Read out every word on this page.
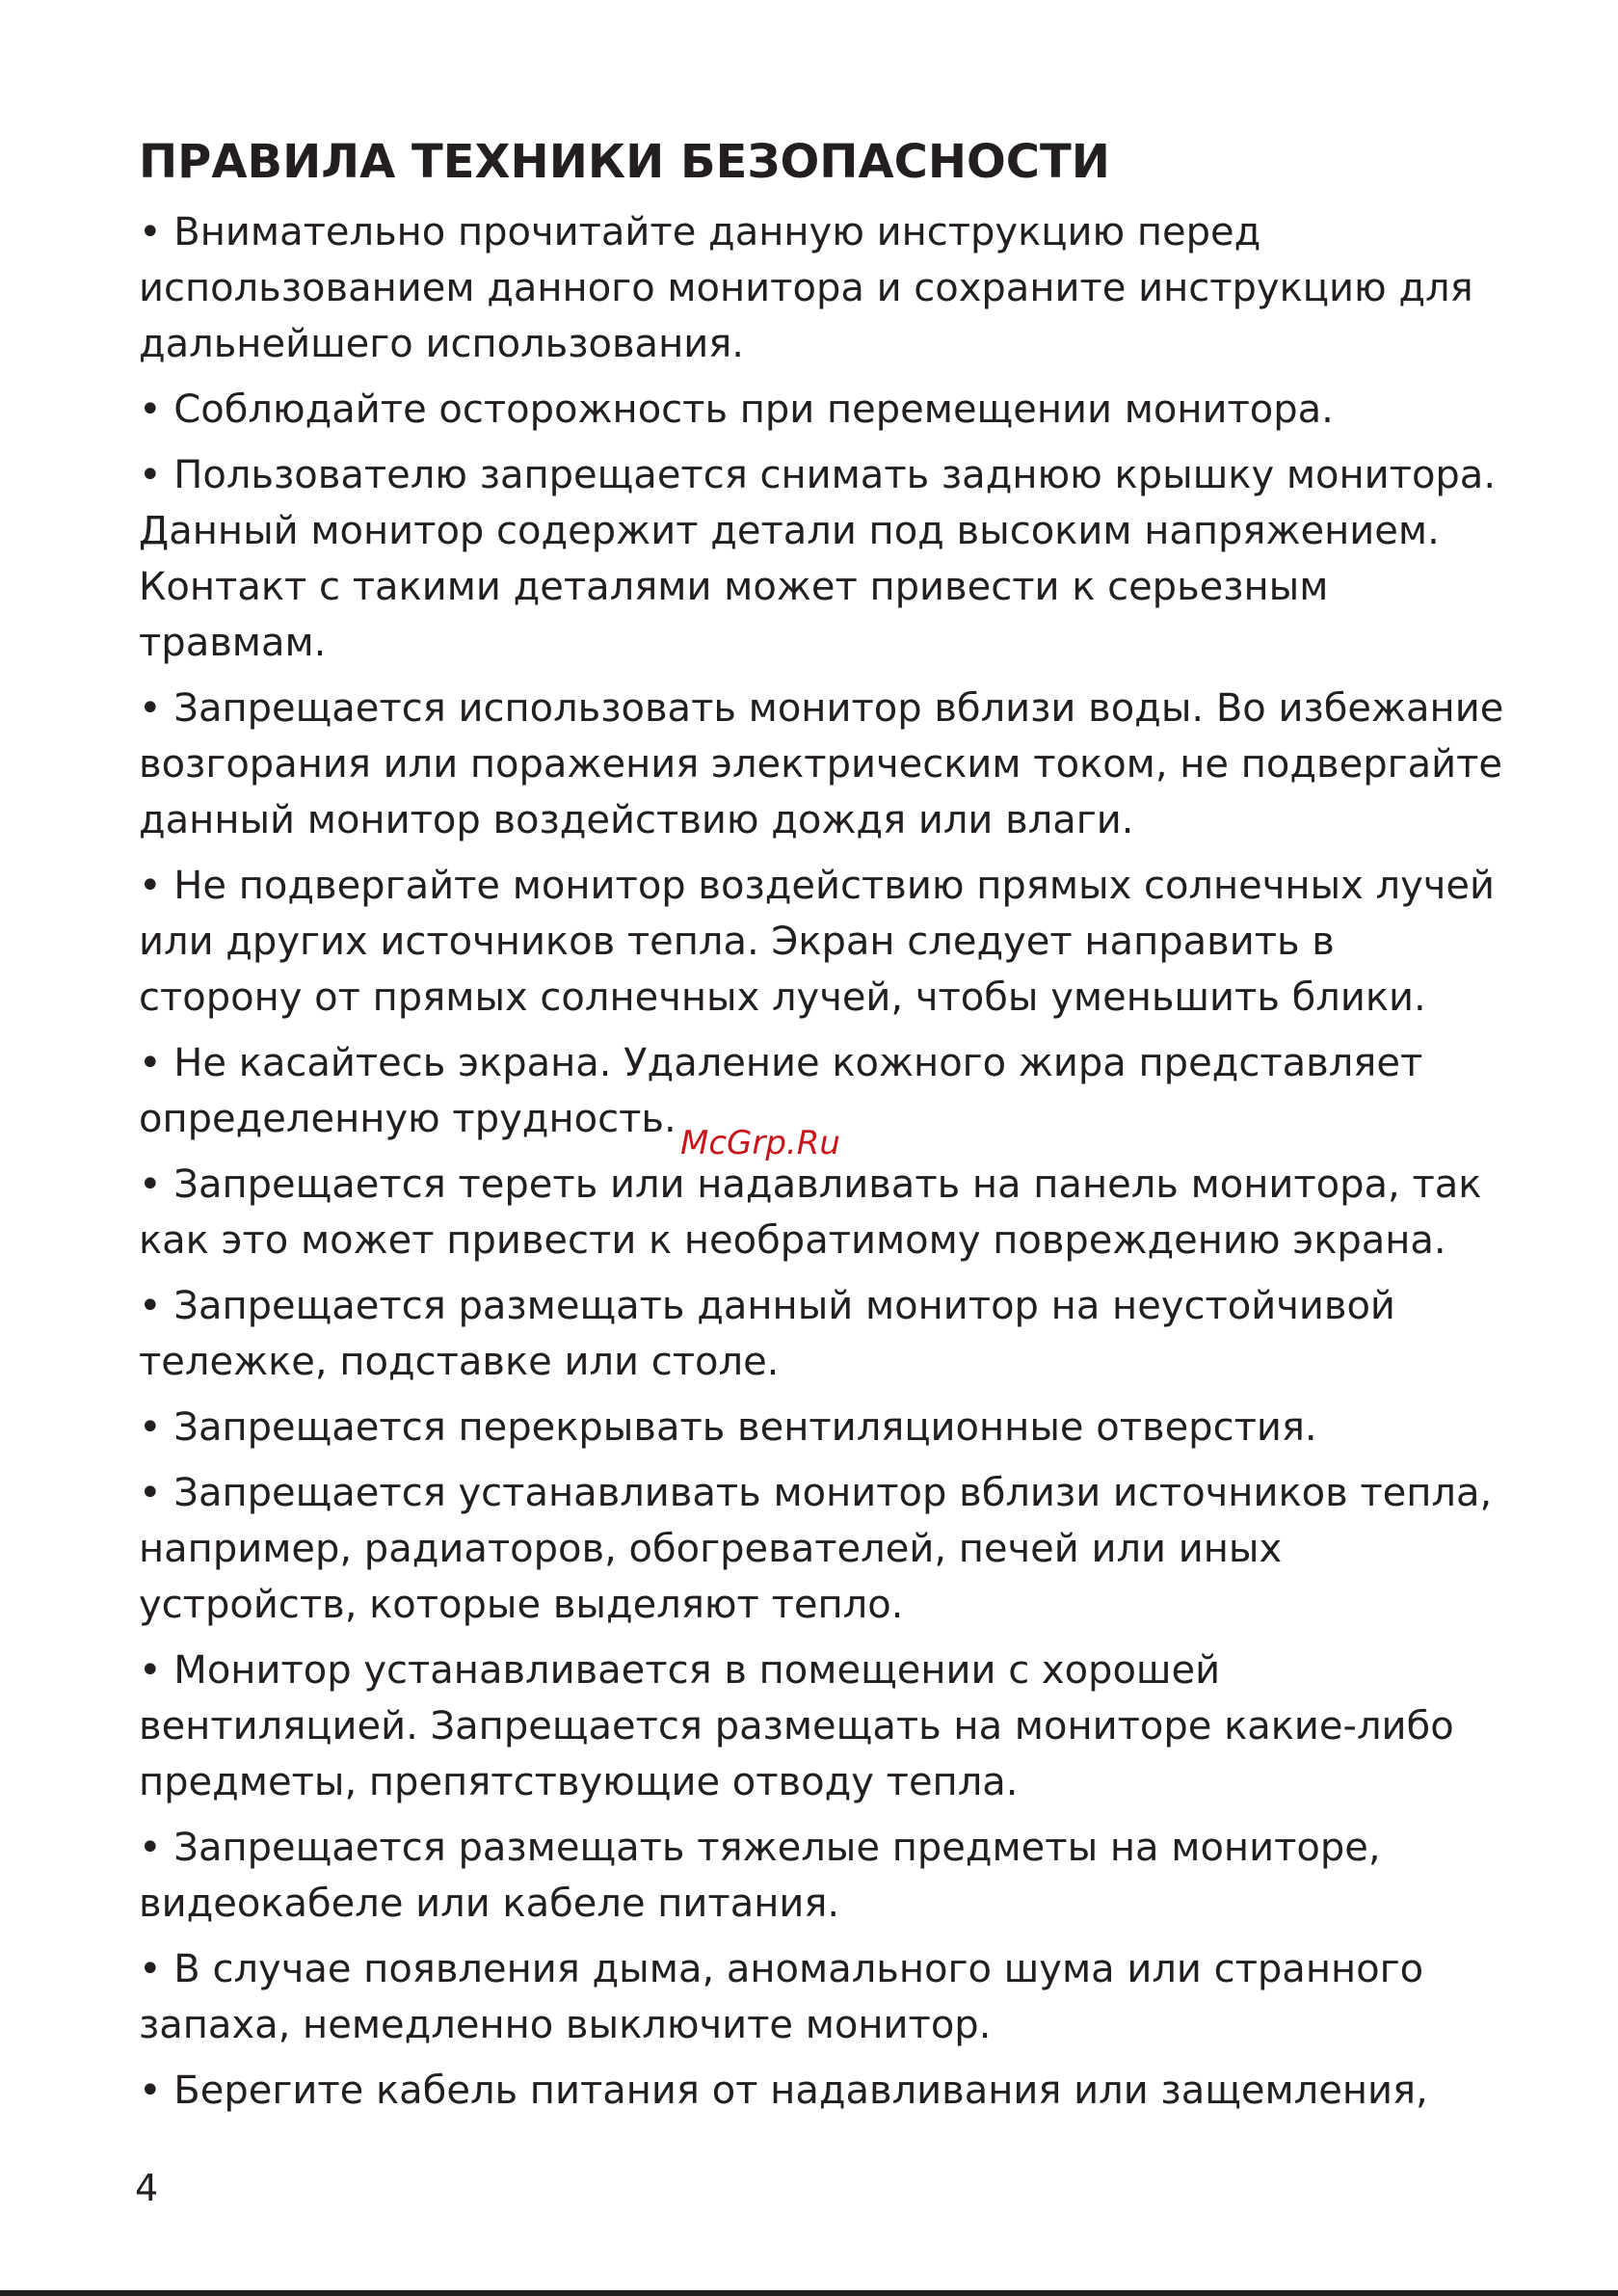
ПРАВИЛА ТЕХНИКИ БЕЗОПАСНОСТИ

• Внимательно прочитайте данную инструкцию перед использованием данного монитора и сохраните инструкцию для дальнейшего использования.

• Соблюдайте осторожность при перемещении монитора.

• Пользователю запрещается снимать заднюю крышку монитора. Данный монитор содержит детали под высоким напряжением. Контакт с такими деталями может привести к серьезным травмам.

• Запрещается использовать монитор вблизи воды. Во избежание возгорания или поражения электрическим током, не подвергайте данный монитор воздействию дождя или влаги.

• Не подвергайте монитор воздействию прямых солнечных лучей или других источников тепла. Экран следует направить в сторону от прямых солнечных лучей, чтобы уменьшить блики.

• Не касайтесь экрана. Удаление кожного жира представляет определенную трудность.

• Запрещается тереть или надавливать на панель монитора, так как это может привести к необратимому повреждению экрана.

• Запрещается размещать данный монитор на неустойчивой тележке, подставке или столе.

• Запрещается перекрывать вентиляционные отверстия.

• Запрещается устанавливать монитор вблизи источников тепла, например, радиаторов, обогревателей, печей или иных устройств, которые выделяют тепло.

• Монитор устанавливается в помещении с хорошей вентиляцией. Запрещается размещать на мониторе какие-либо предметы, препятствующие отводу тепла.

• Запрещается размещать тяжелые предметы на мониторе, видеокабеле или кабеле питания.

• В случае появления дыма, аномального шума или странного запаха, немедленно выключите монитор.

• Берегите кабель питания от надавливания или защемления,

McGrp.Ru
4
